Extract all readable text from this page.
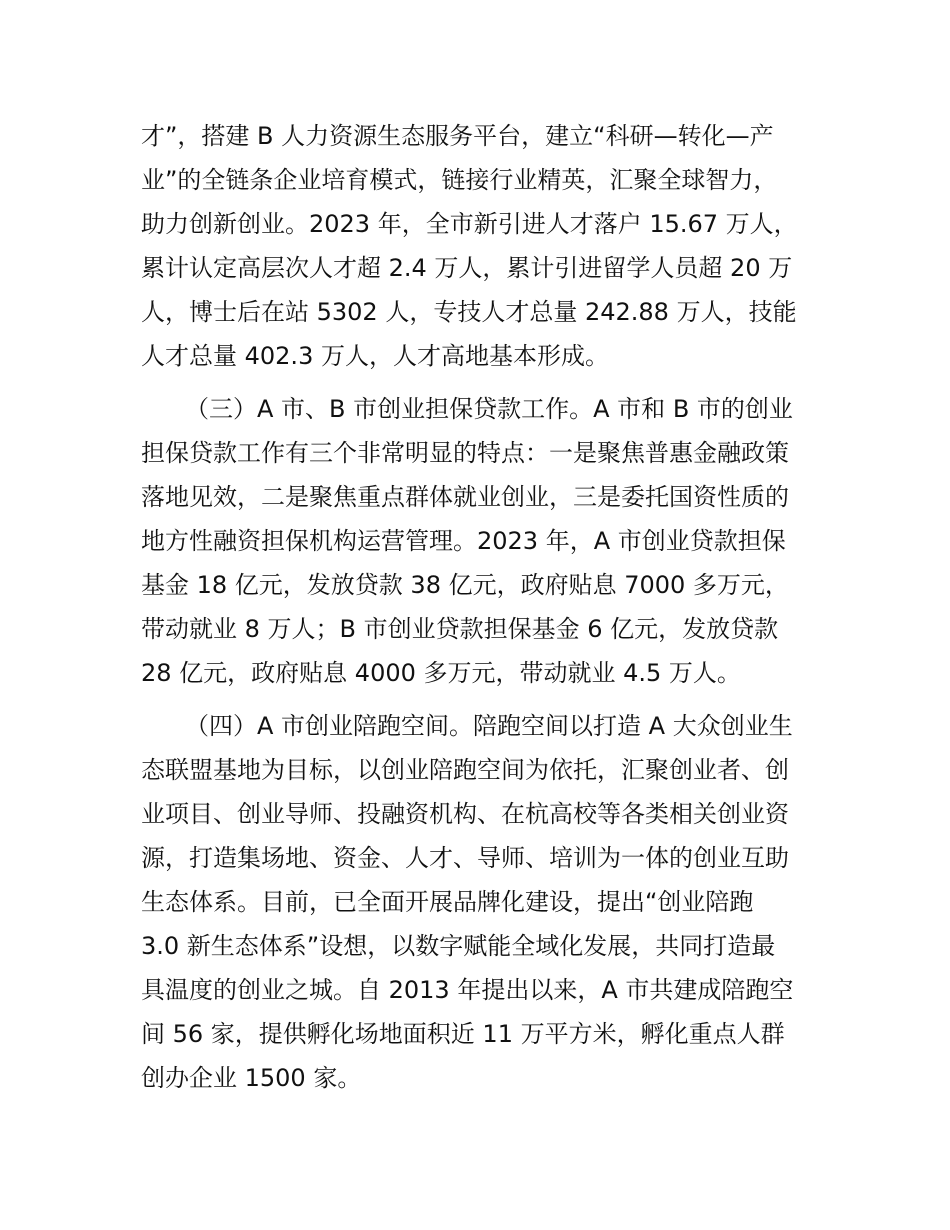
才”，搭建 B 人力资源生态服务平台，建立“科研—转化—产
业”的全链条企业培育模式，链接行业精英，汇聚全球智力，
助力创新创业。2023 年，全市新引进人才落户 15.67 万人，
累计认定高层次人才超 2.4 万人，累计引进留学人员超 20 万
人，博士后在站 5302 人，专技人才总量 242.88 万人，技能
人才总量 402.3 万人，人才高地基本形成。
（三）A 市、B 市创业担保贷款工作。A 市和 B 市的创业
担保贷款工作有三个非常明显的特点：一是聚焦普惠金融政策
落地见效，二是聚焦重点群体就业创业，三是委托国资性质的
地方性融资担保机构运营管理。2023 年，A 市创业贷款担保
基金 18 亿元，发放贷款 38 亿元，政府贴息 7000 多万元，
带动就业 8 万人；B 市创业贷款担保基金 6 亿元，发放贷款
28 亿元，政府贴息 4000 多万元，带动就业 4.5 万人。
（四）A 市创业陪跑空间。陪跑空间以打造 A 大众创业生
态联盟基地为目标，以创业陪跑空间为依托，汇聚创业者、创
业项目、创业导师、投融资机构、在杭高校等各类相关创业资
源，打造集场地、资金、人才、导师、培训为一体的创业互助
生态体系。目前，已全面开展品牌化建设，提出“创业陪跑
3.0 新生态体系”设想，以数字赋能全域化发展，共同打造最
具温度的创业之城。自 2013 年提出以来，A 市共建成陪跑空
间 56 家，提供孵化场地面积近 11 万平方米，孵化重点人群
创办企业 1500 家。
